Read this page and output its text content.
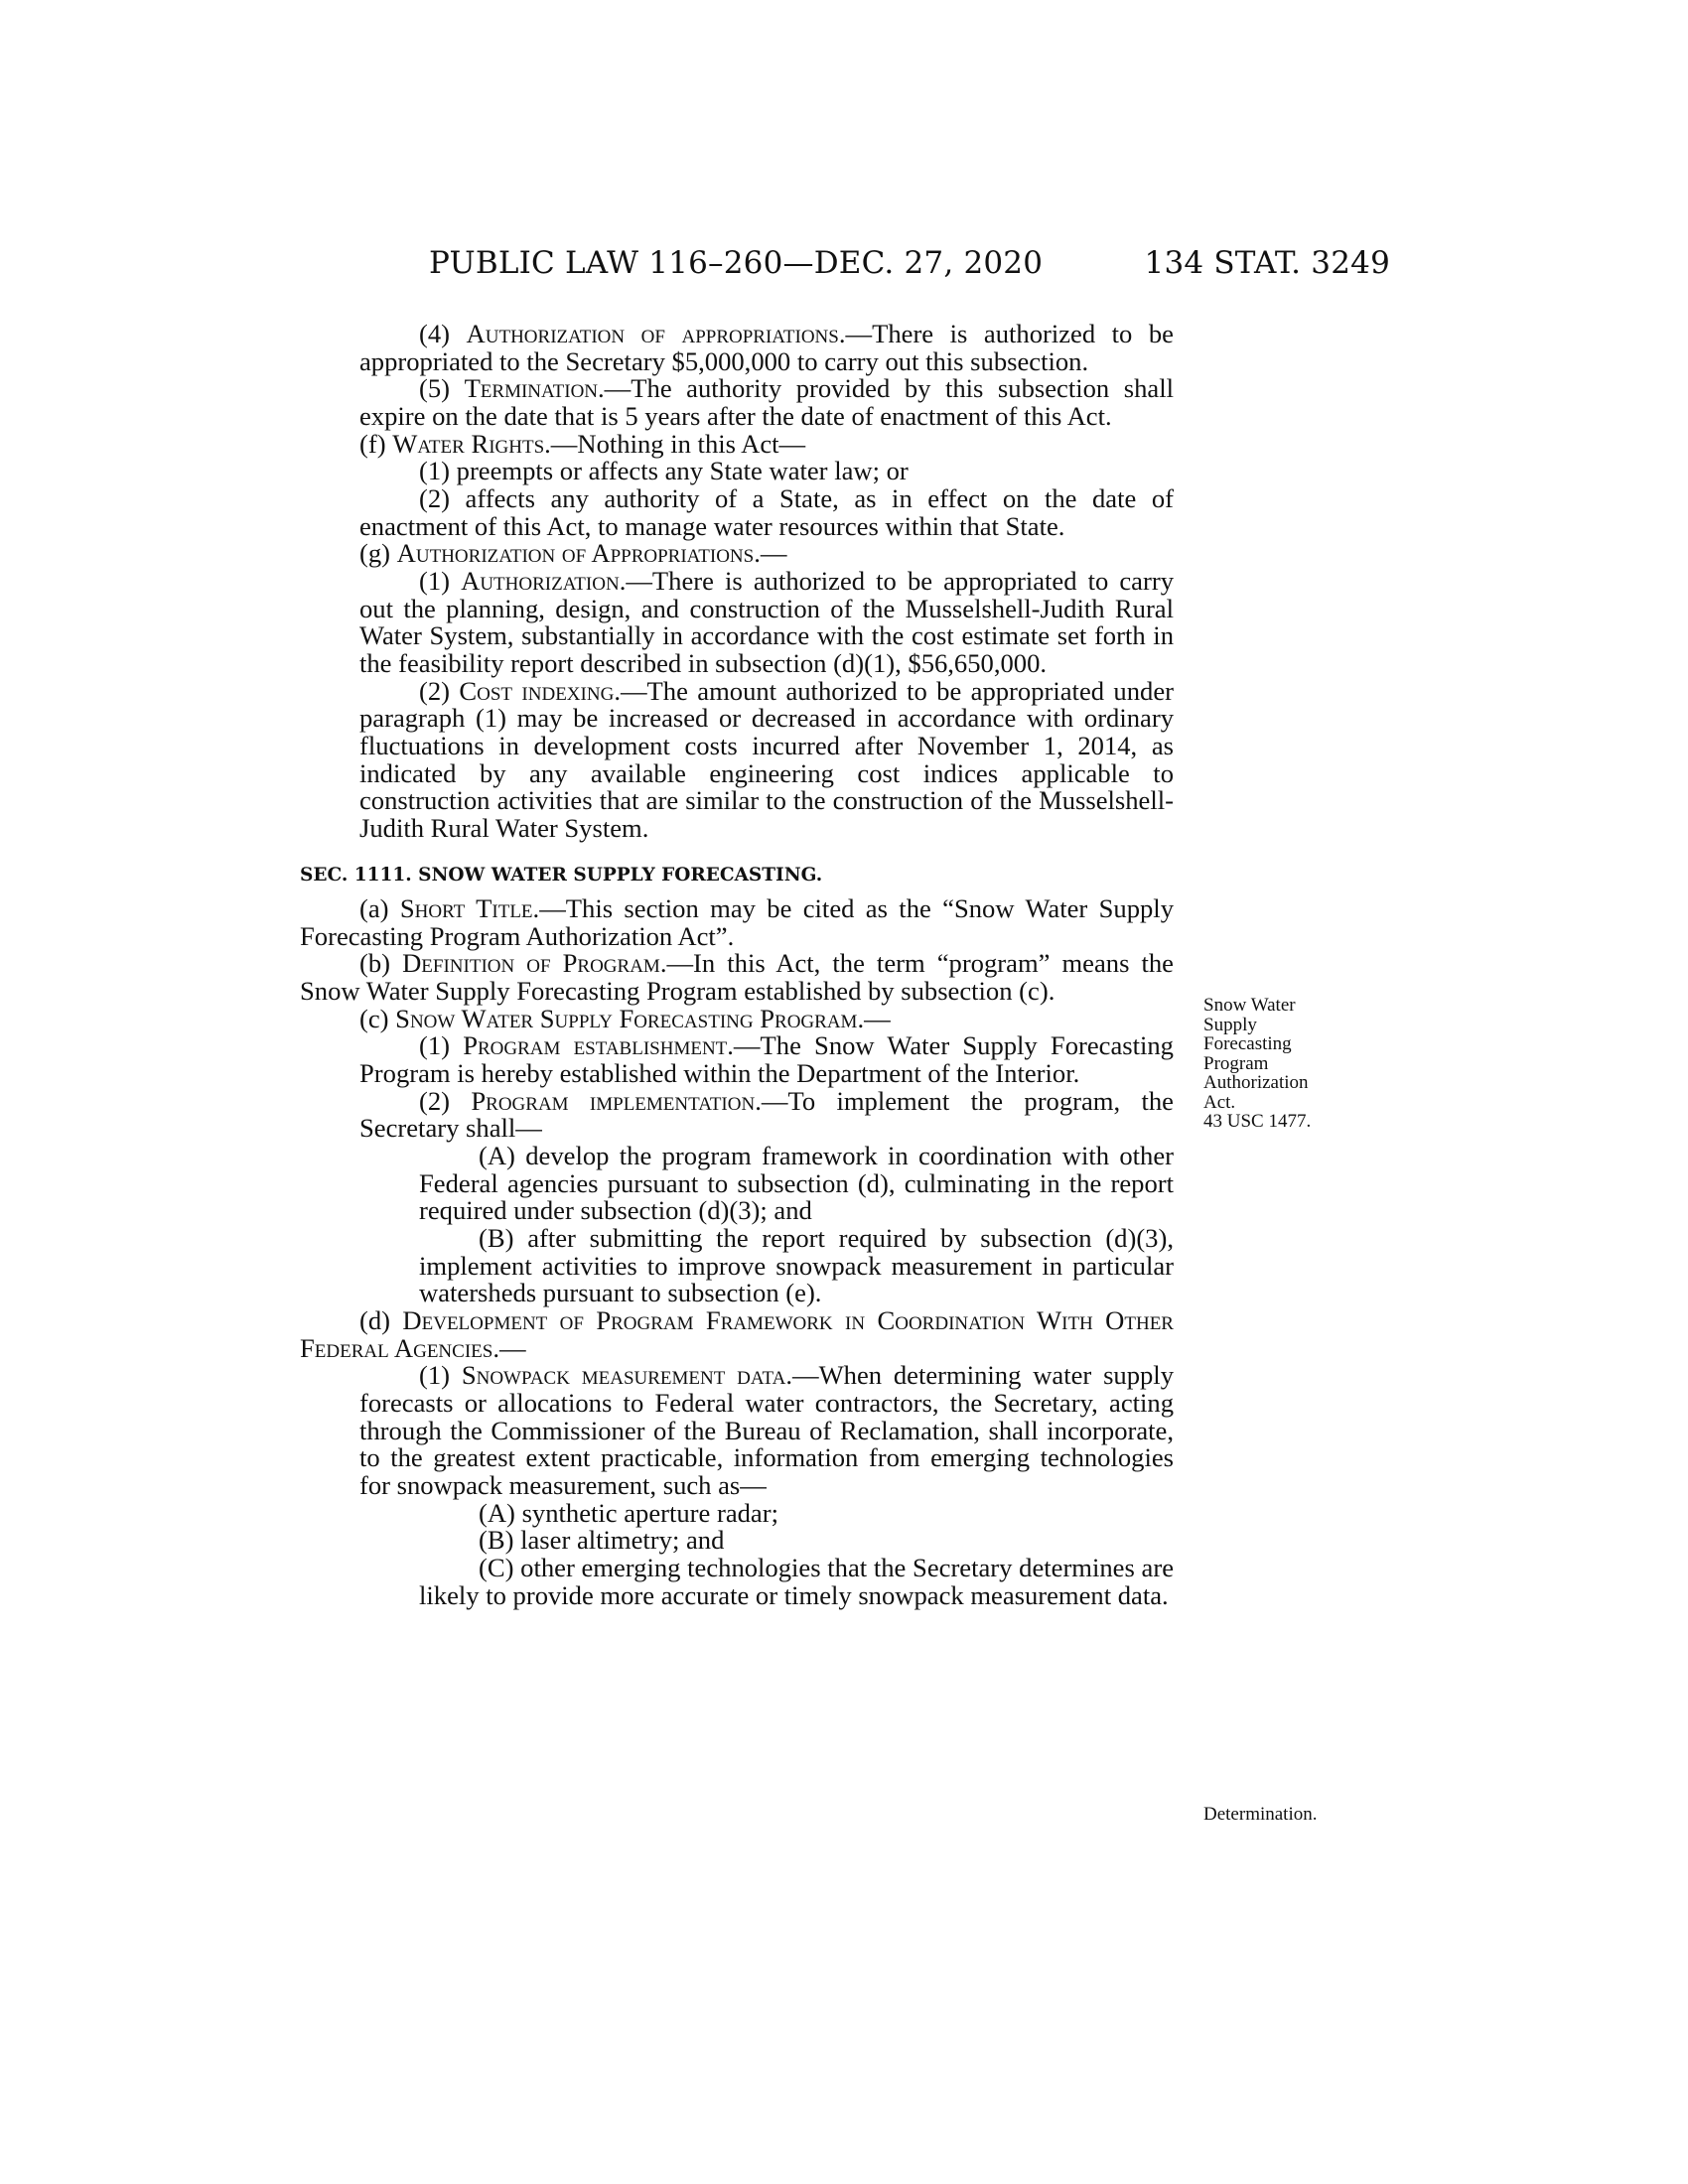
PUBLIC LAW 116–260—DEC. 27, 2020	134 STAT. 3249

(4) Authorization of appropriations.—There is authorized to be appropriated to the Secretary $5,000,000 to carry out this subsection.

(5) Termination.—The authority provided by this subsection shall expire on the date that is 5 years after the date of enactment of this Act.

(f) Water Rights.—Nothing in this Act—

(1) preempts or affects any State water law; or

(2) affects any authority of a State, as in effect on the date of enactment of this Act, to manage water resources within that State.

(g) Authorization of Appropriations.—

(1) Authorization.—There is authorized to be appropriated to carry out the planning, design, and construction of the Musselshell-Judith Rural Water System, substantially in accordance with the cost estimate set forth in the feasibility report described in subsection (d)(1), $56,650,000.

(2) Cost indexing.—The amount authorized to be appropriated under paragraph (1) may be increased or decreased in accordance with ordinary fluctuations in development costs incurred after November 1, 2014, as indicated by any available engineering cost indices applicable to construction activities that are similar to the construction of the Musselshell-Judith Rural Water System.

SEC. 1111. SNOW WATER SUPPLY FORECASTING.

(a) Short Title.—This section may be cited as the “Snow Water Supply Forecasting Program Authorization Act”.

(b) Definition of Program.—In this Act, the term “program” means the Snow Water Supply Forecasting Program established by subsection (c).

(c) Snow Water Supply Forecasting Program.—

(1) Program establishment.—The Snow Water Supply Forecasting Program is hereby established within the Department of the Interior.

(2) Program implementation.—To implement the program, the Secretary shall—

(A) develop the program framework in coordination with other Federal agencies pursuant to subsection (d), culminating in the report required under subsection (d)(3); and

(B) after submitting the report required by subsection (d)(3), implement activities to improve snowpack measurement in particular watersheds pursuant to subsection (e).

(d) Development of Program Framework in Coordination With Other Federal Agencies.—

(1) Snowpack measurement data.—When determining water supply forecasts or allocations to Federal water contractors, the Secretary, acting through the Commissioner of the Bureau of Reclamation, shall incorporate, to the greatest extent practicable, information from emerging technologies for snowpack measurement, such as—

(A) synthetic aperture radar;

(B) laser altimetry; and

(C) other emerging technologies that the Secretary determines are likely to provide more accurate or timely snowpack measurement data.

Snow Water
Supply
Forecasting
Program
Authorization
Act.
43 USC 1477.
Determination.
